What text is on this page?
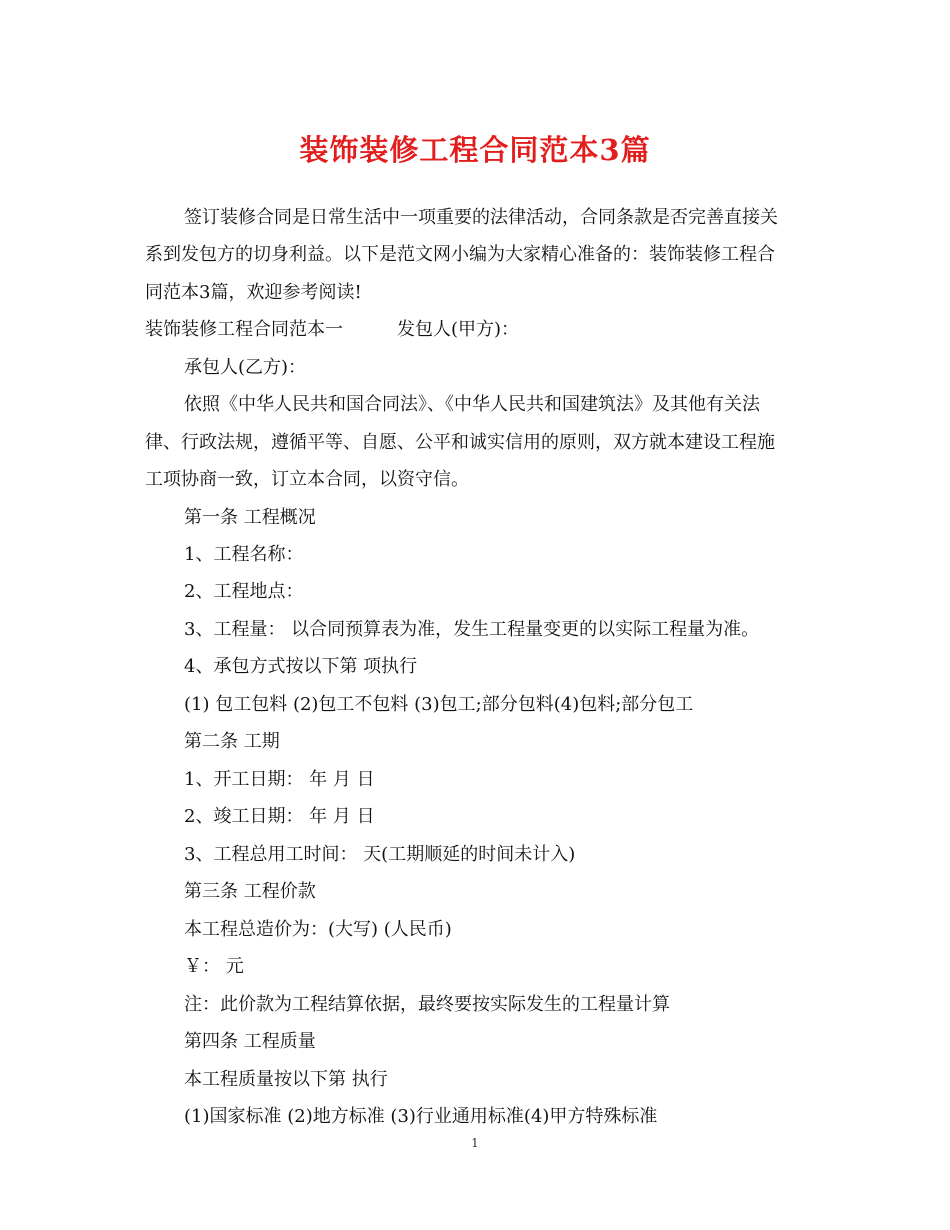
装饰装修工程合同范本3篇
签订装修合同是日常生活中一项重要的法律活动，合同条款是否完善直接关
系到发包方的切身利益。以下是范文网小编为大家精心准备的：装饰装修工程合
同范本3篇，欢迎参考阅读!
装饰装修工程合同范本一　　　发包人(甲方)：
承包人(乙方)：
依照《中华人民共和国合同法》、《中华人民共和国建筑法》及其他有关法
律、行政法规，遵循平等、自愿、公平和诚实信用的原则，双方就本建设工程施
工项协商一致，订立本合同，以资守信。
第一条 工程概况
1、工程名称：
2、工程地点：
3、工程量： 以合同预算表为准，发生工程量变更的以实际工程量为准。
4、承包方式按以下第 项执行
(1) 包工包料 (2)包工不包料 (3)包工;部分包料(4)包料;部分包工
第二条 工期
1、开工日期： 年 月 日
2、竣工日期： 年 月 日
3、工程总用工时间： 天(工期顺延的时间未计入)
第三条 工程价款
本工程总造价为：(大写) (人民币)
￥： 元
注：此价款为工程结算依据，最终要按实际发生的工程量计算
第四条 工程质量
本工程质量按以下第 执行
(1)国家标准 (2)地方标准 (3)行业通用标准(4)甲方特殊标准
1
